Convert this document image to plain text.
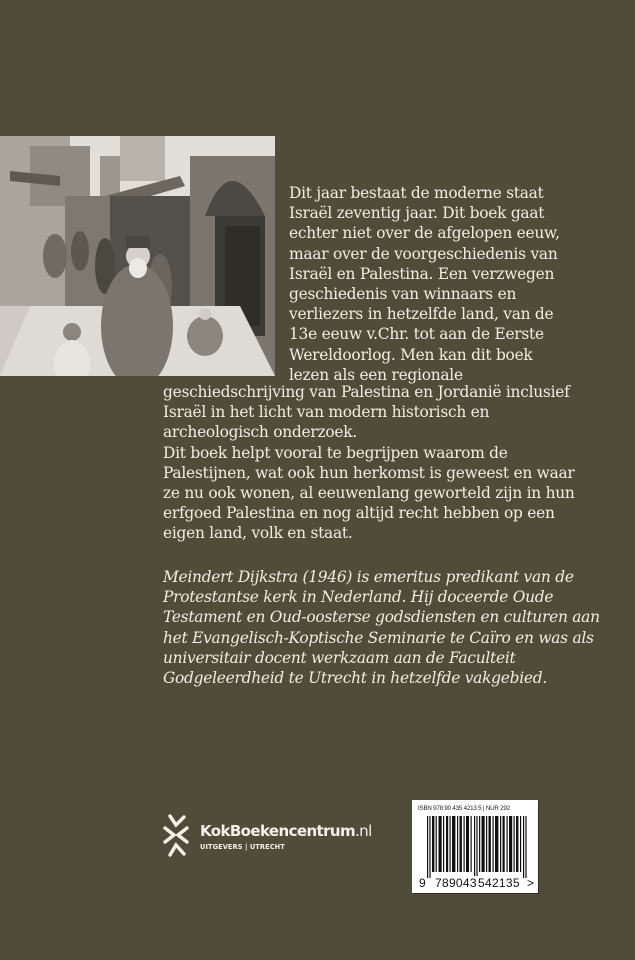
Dit jaar bestaat de moderne staat
Israël zeventig jaar. Dit boek gaat
echter niet over de afgelopen eeuw,
maar over de voorgeschiedenis van
Israël en Palestina. Een verzwegen
geschiedenis van winnaars en
verliezers in hetzelfde land, van de
13e eeuw v.Chr. tot aan de Eerste
Wereldoorlog. Men kan dit boek
lezen als een regionale
geschiedschrijving van Palestina en Jordanië inclusief
Israël in het licht van modern historisch en
archeologisch onderzoek.
Dit boek helpt vooral te begrijpen waarom de
Palestijnen, wat ook hun herkomst is geweest en waar
ze nu ook wonen, al eeuwenlang geworteld zijn in hun
erfgoed Palestina en nog altijd recht hebben op een
eigen land, volk en staat.
Meindert Dijkstra (1946) is emeritus predikant van de
Protestantse kerk in Nederland. Hij doceerde Oude
Testament en Oud-oosterse godsdiensten en culturen aan
het Evangelisch-Koptische Seminarie te Caïro en was als
universitair docent werkzaam aan de Faculteit
Godgeleerdheid te Utrecht in hetzelfde vakgebied.
KokBoekencentrum.nl
UITGEVERS | UTRECHT
ISBN 978 90 435 4213 5 | NUR 292
9 789043 542135 >
